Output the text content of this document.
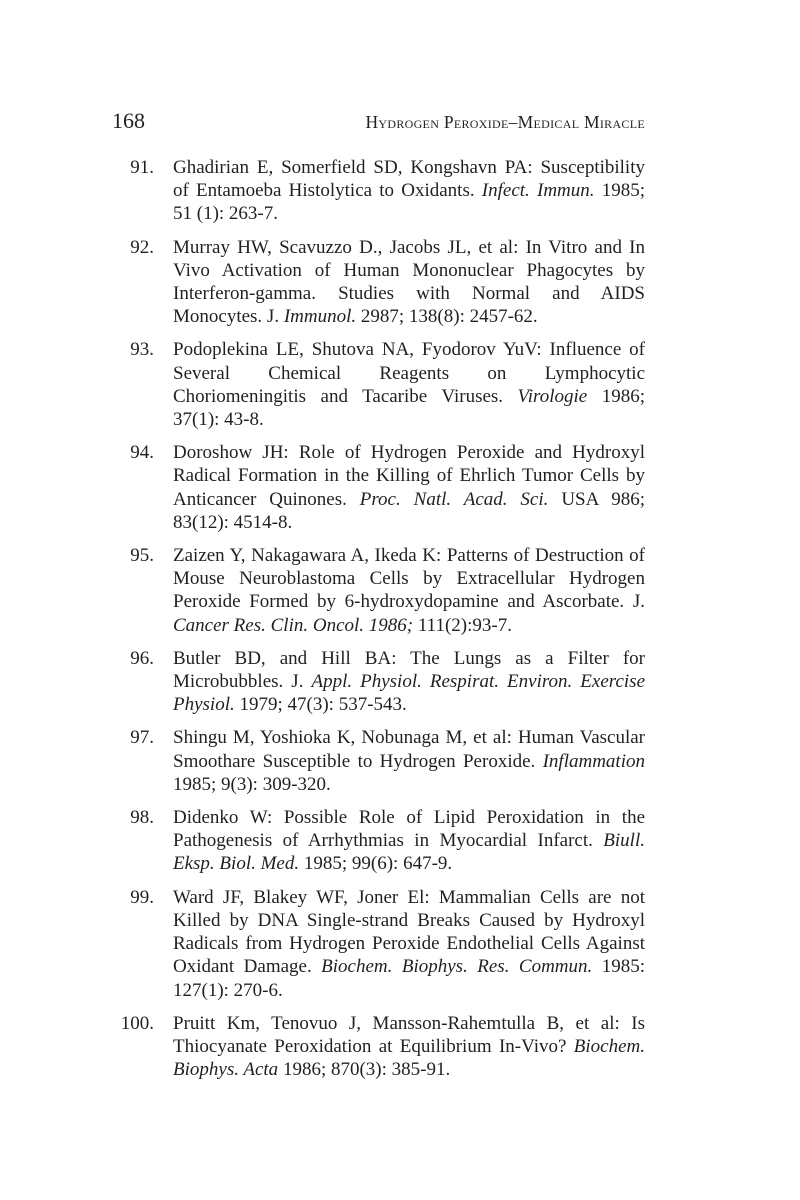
168	Hydrogen Peroxide–Medical Miracle
91. Ghadirian E, Somerfield SD, Kongshavn PA: Susceptibility of Entamoeba Histolytica to Oxidants. Infect. Immun. 1985; 51 (1): 263-7.
92. Murray HW, Scavuzzo D., Jacobs JL, et al: In Vitro and In Vivo Activation of Human Mononuclear Phagocytes by Interferon-gamma. Studies with Normal and AIDS Monocytes. J. Immunol. 2987; 138(8): 2457-62.
93. Podoplekina LE, Shutova NA, Fyodorov YuV: Influence of Several Chemical Reagents on Lymphocytic Choriomeningitis and Tacaribe Viruses. Virologie 1986; 37(1): 43-8.
94. Doroshow JH: Role of Hydrogen Peroxide and Hydroxyl Radical Formation in the Killing of Ehrlich Tumor Cells by Anticancer Quinones. Proc. Natl. Acad. Sci. USA 986; 83(12): 4514-8.
95. Zaizen Y, Nakagawara A, Ikeda K: Patterns of Destruction of Mouse Neuroblastoma Cells by Extracellular Hydrogen Peroxide Formed by 6-hydroxydopamine and Ascorbate. J. Cancer Res. Clin. Oncol. 1986; 111(2):93-7.
96. Butler BD, and Hill BA: The Lungs as a Filter for Microbubbles. J. Appl. Physiol. Respirat. Environ. Exercise Physiol. 1979; 47(3): 537-543.
97. Shingu M, Yoshioka K, Nobunaga M, et al: Human Vascular Smoothare Susceptible to Hydrogen Peroxide. Inflammation 1985; 9(3): 309-320.
98. Didenko W: Possible Role of Lipid Peroxidation in the Pathogenesis of Arrhythmias in Myocardial Infarct. Biull. Eksp. Biol. Med. 1985; 99(6): 647-9.
99. Ward JF, Blakey WF, Joner El: Mammalian Cells are not Killed by DNA Single-strand Breaks Caused by Hydroxyl Radicals from Hydrogen Peroxide Endothelial Cells Against Oxidant Damage. Biochem. Biophys. Res. Commun. 1985: 127(1): 270-6.
100. Pruitt Km, Tenovuo J, Mansson-Rahemtulla B, et al: Is Thiocyanate Peroxidation at Equilibrium In-Vivo? Biochem. Biophys. Acta 1986; 870(3): 385-91.
